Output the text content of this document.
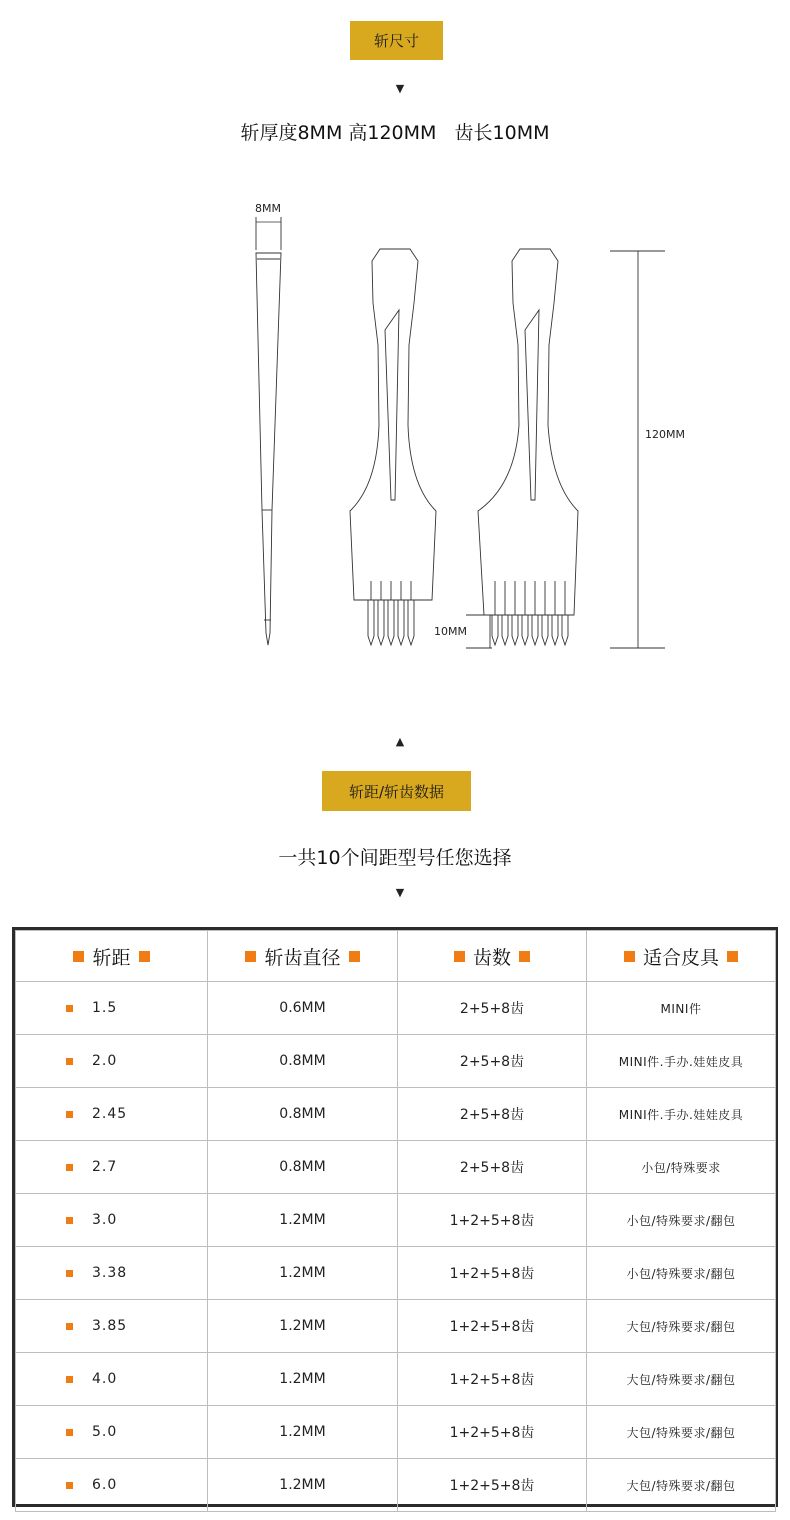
斩尺寸
▼
斩厚度8MM 高120MM   齿长10MM
8MM
120MM
10MM
▲
斩距/斩齿数据
一共10个间距型号任您选择
▼
斩距	斩齿直径	齿数	适合皮具
1.5	0.6MM	2+5+8齿	MINI件
2.0	0.8MM	2+5+8齿	MINI件.手办.娃娃皮具
2.45	0.8MM	2+5+8齿	MINI件.手办.娃娃皮具
2.7	0.8MM	2+5+8齿	小包/特殊要求
3.0	1.2MM	1+2+5+8齿	小包/特殊要求/翻包
3.38	1.2MM	1+2+5+8齿	小包/特殊要求/翻包
3.85	1.2MM	1+2+5+8齿	大包/特殊要求/翻包
4.0	1.2MM	1+2+5+8齿	大包/特殊要求/翻包
5.0	1.2MM	1+2+5+8齿	大包/特殊要求/翻包
6.0	1.2MM	1+2+5+8齿	大包/特殊要求/翻包
